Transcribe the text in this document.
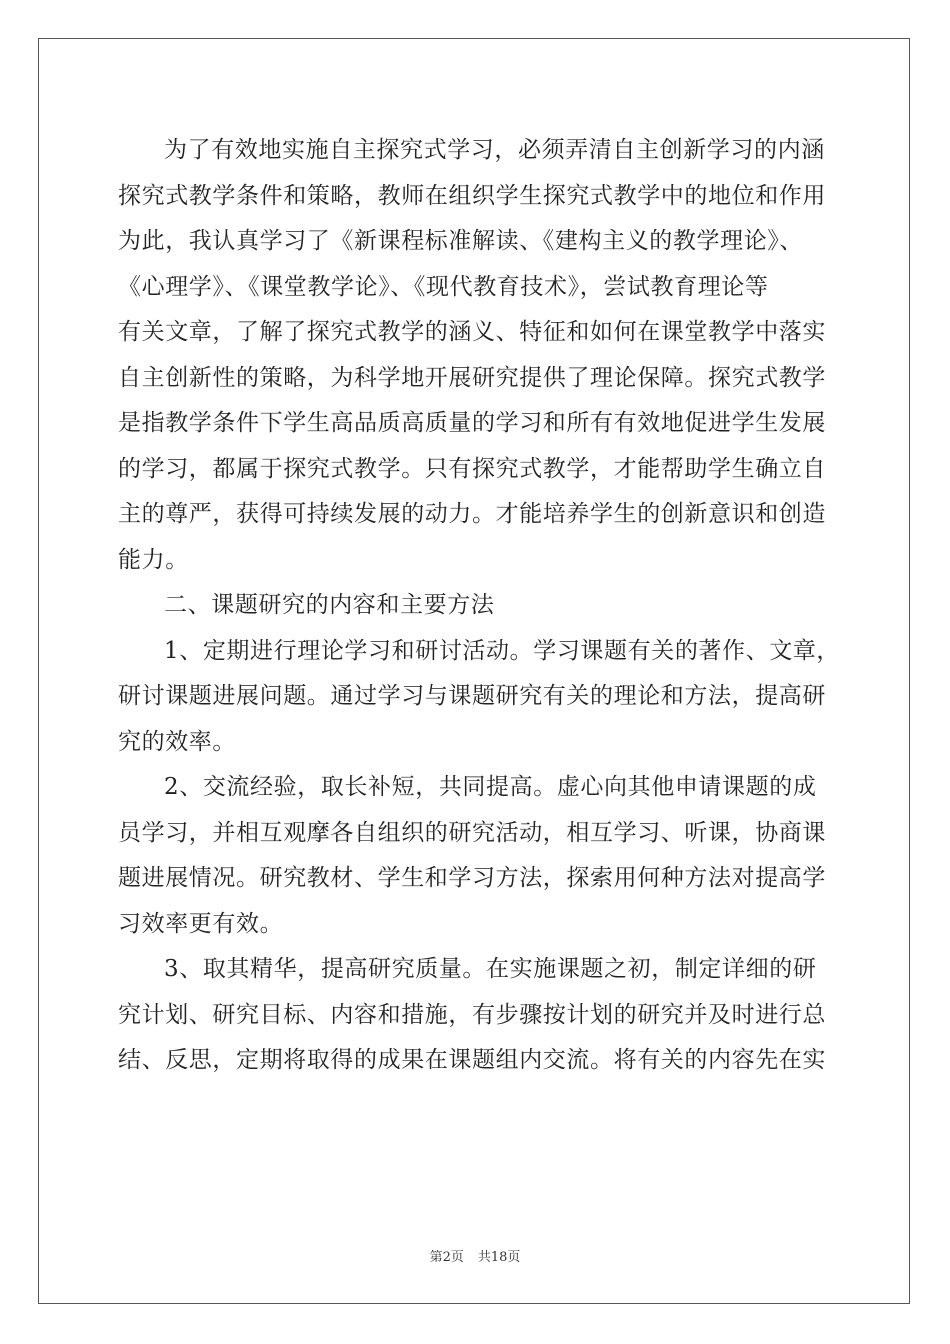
为了有效地实施自主探究式学习，必须弄清自主创新学习的内涵
探究式教学条件和策略，教师在组织学生探究式教学中的地位和作用
为此，我认真学习了《新课程标准解读、《建构主义的教学理论》、
《心理学》、《课堂教学论》、《现代教育技术》，尝试教育理论等
有关文章，了解了探究式教学的涵义、特征和如何在课堂教学中落实
自主创新性的策略，为科学地开展研究提供了理论保障。探究式教学
是指教学条件下学生高品质高质量的学习和所有有效地促进学生发展
的学习，都属于探究式教学。只有探究式教学，才能帮助学生确立自
主的尊严，获得可持续发展的动力。才能培养学生的创新意识和创造
能力。
二、课题研究的内容和主要方法
1、定期进行理论学习和研讨活动。学习课题有关的著作、文章，
研讨课题进展问题。通过学习与课题研究有关的理论和方法，提高研
究的效率。
2、交流经验，取长补短，共同提高。虚心向其他申请课题的成
员学习，并相互观摩各自组织的研究活动，相互学习、听课，协商课
题进展情况。研究教材、学生和学习方法，探索用何种方法对提高学
习效率更有效。
3、取其精华，提高研究质量。在实施课题之初，制定详细的研
究计划、研究目标、内容和措施，有步骤按计划的研究并及时进行总
结、反思，定期将取得的成果在课题组内交流。将有关的内容先在实
第2页 共18页
